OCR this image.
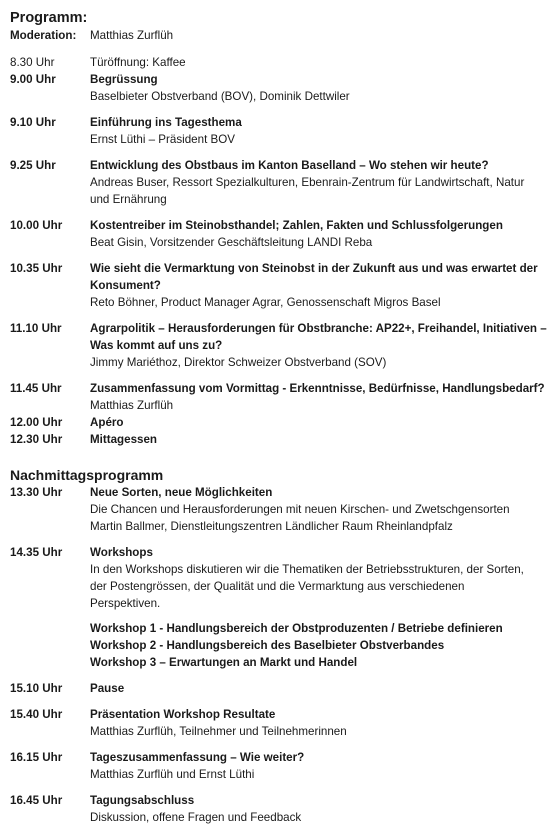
Programm:
Moderation:	Matthias Zurflüh
8.30 Uhr	Türöffnung: Kaffee
9.00 Uhr	Begrüssung
Baselbieter Obstverband (BOV), Dominik Dettwiler
9.10 Uhr	Einführung ins Tagesthema
Ernst Lüthi – Präsident BOV
9.25 Uhr	Entwicklung des Obstbaus im Kanton Baselland – Wo stehen wir heute?
Andreas Buser, Ressort Spezialkulturen, Ebenrain-Zentrum für Landwirtschaft, Natur
und Ernährung
10.00 Uhr	Kostentreiber im Steinobsthandel; Zahlen, Fakten und Schlussfolgerungen
Beat Gisin, Vorsitzender Geschäftsleitung LANDI Reba
10.35 Uhr	Wie sieht die Vermarktung von Steinobst in der Zukunft aus und was erwartet der
Konsument?
Reto Böhner, Product Manager Agrar, Genossenschaft Migros Basel
11.10 Uhr	Agrarpolitik – Herausforderungen für Obstbranche: AP22+, Freihandel, Initiativen –
Was kommt auf uns zu?
Jimmy Mariéthoz, Direktor Schweizer Obstverband (SOV)
11.45 Uhr	Zusammenfassung vom Vormittag - Erkenntnisse, Bedürfnisse, Handlungsbedarf?
Matthias Zurflüh
12.00 Uhr	Apéro
12.30 Uhr	Mittagessen
Nachmittagsprogramm
13.30 Uhr	Neue Sorten, neue Möglichkeiten
Die Chancen und Herausforderungen mit neuen Kirschen- und Zwetschgensorten
Martin Ballmer, Dienstleitungszentren Ländlicher Raum Rheinlandpfalz
14.35 Uhr	Workshops
In den Workshops diskutieren wir die Thematiken der Betriebsstrukturen, der Sorten,
der Postengrössen, der Qualität und die Vermarktung aus verschiedenen
Perspektiven.
Workshop 1 - Handlungsbereich der Obstproduzenten / Betriebe definieren
Workshop 2 - Handlungsbereich des Baselbieter Obstverbandes
Workshop 3 – Erwartungen an Markt und Handel
15.10 Uhr	Pause
15.40 Uhr	Präsentation Workshop Resultate
Matthias Zurflüh, Teilnehmer und Teilnehmerinnen
16.15 Uhr	Tageszusammenfassung – Wie weiter?
Matthias Zurflüh und Ernst Lüthi
16.45 Uhr	Tagungsabschluss
Diskussion, offene Fragen und Feedback
